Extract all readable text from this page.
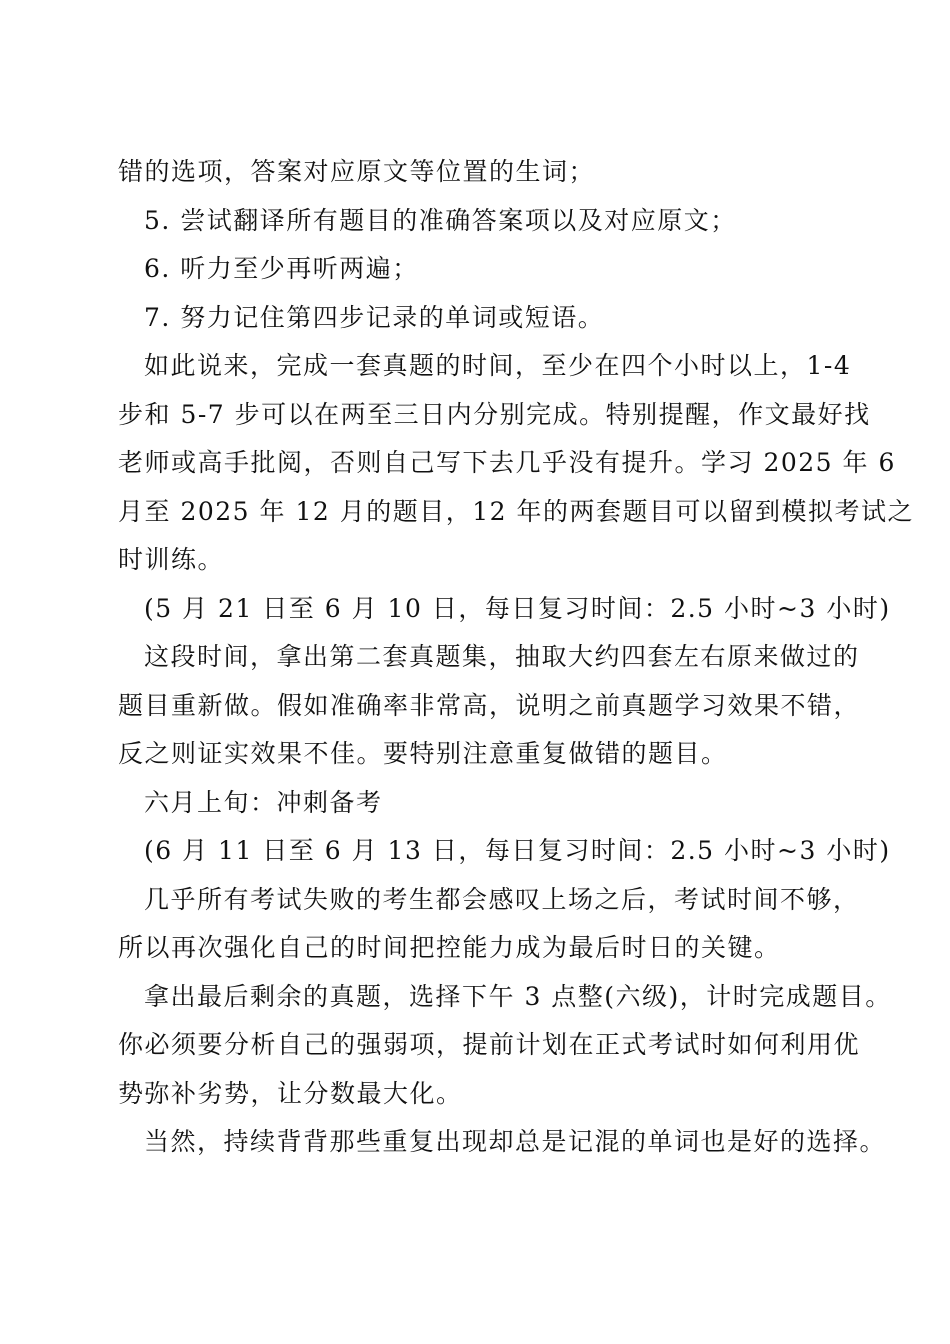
错的选项，答案对应原文等位置的生词；
5. 尝试翻译所有题目的准确答案项以及对应原文；
6. 听力至少再听两遍；
7. 努力记住第四步记录的单词或短语。
如此说来，完成一套真题的时间，至少在四个小时以上，1-4
步和 5-7 步可以在两至三日内分别完成。特别提醒，作文最好找
老师或高手批阅，否则自己写下去几乎没有提升。学习 2025 年 6
月至 2025 年 12 月的题目，12 年的两套题目可以留到模拟考试之
时训练。
(5 月 21 日至 6 月 10 日，每日复习时间：2.5 小时~3 小时)
这段时间，拿出第二套真题集，抽取大约四套左右原来做过的
题目重新做。假如准确率非常高，说明之前真题学习效果不错，
反之则证实效果不佳。要特别注意重复做错的题目。
六月上旬：冲刺备考
(6 月 11 日至 6 月 13 日，每日复习时间：2.5 小时~3 小时)
几乎所有考试失败的考生都会感叹上场之后，考试时间不够，
所以再次强化自己的时间把控能力成为最后时日的关键。
拿出最后剩余的真题，选择下午 3 点整(六级)，计时完成题目。
你必须要分析自己的强弱项，提前计划在正式考试时如何利用优
势弥补劣势，让分数最大化。
当然，持续背背那些重复出现却总是记混的单词也是好的选择。
